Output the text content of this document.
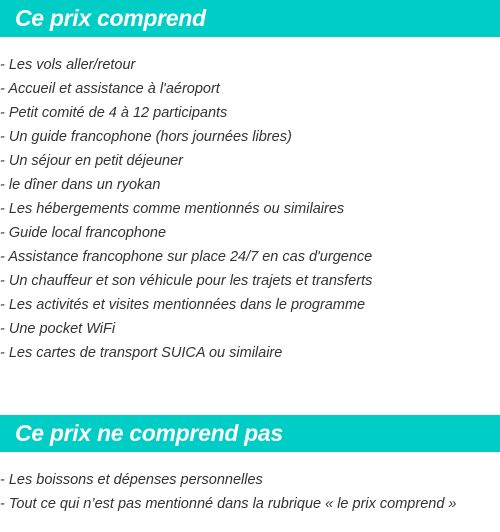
Ce prix comprend
- Les vols aller/retour
- Accueil et assistance à l'aéroport
- Petit comité de 4 à 12 participants
- Un guide francophone (hors journées libres)
- Un séjour en petit déjeuner
- le dîner dans un ryokan
- Les hébergements comme mentionnés ou similaires
- Guide local francophone
- Assistance francophone sur place 24/7 en cas d'urgence
- Un chauffeur et son véhicule pour les trajets et transferts
- Les activités et visites mentionnées dans le programme
- Une pocket WiFi
- Les cartes de transport SUICA ou similaire
Ce prix ne comprend pas
- Les boissons et dépenses personnelles
- Tout ce qui n’est pas mentionné dans la rubrique « le prix comprend »
